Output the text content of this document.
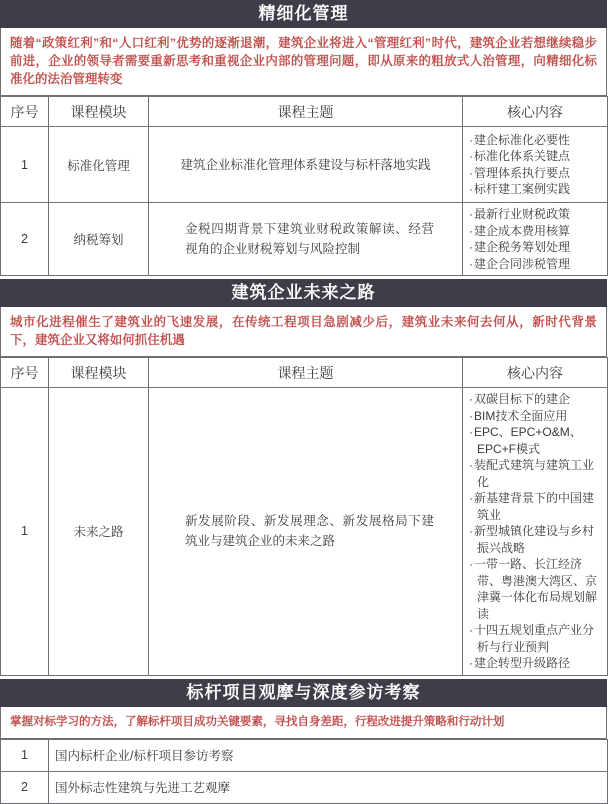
精细化管理
随着“政策红利”和“人口红利”优势的逐渐退潮，建筑企业将进入“管理红利”时代，建筑企业若想继续稳步前进，企业的领导者需要重新思考和重视企业内部的管理问题，即从原来的粗放式人治管理，向精细化标准化的法治管理转变
序号	课程模块	课程主题	核心内容
1	标准化管理	建筑企业标准化管理体系建设与标杆落地实践	
· 建企标准化必要性
· 标准化体系关键点
· 管理体系执行要点
· 标杆建工案例实践

2	纳税筹划	金税四期背景下建筑业财税政策解读、经营视角的企业财税筹划与风险控制	
· 最新行业财税政策
· 建企成本费用核算
· 建企税务筹划处理
· 建企合同涉税管理
建筑企业未来之路
城市化进程催生了建筑业的飞速发展，在传统工程项目急剧减少后，建筑业未来何去何从，新时代背景下，建筑企业又将如何抓住机遇
序号	课程模块	课程主题	核心内容
1	未来之路	新发展阶段、新发展理念、新发展格局下建筑业与建筑企业的未来之路	
· 双碳目标下的建企
· BIM技术全面应用
· EPC、EPC+O&M、EPC+F模式
· 装配式建筑与建筑工业化
· 新基建背景下的中国建筑业
· 新型城镇化建设与乡村振兴战略
· 一带一路、长江经济带、粤港澳大湾区、京津冀一体化布局规划解读
· 十四五规划重点产业分析与行业预判
· 建企转型升级路径
标杆项目观摩与深度参访考察
掌握对标学习的方法，了解标杆项目成功关键要素，寻找自身差距，行程改进提升策略和行动计划
1	国内标杆企业/标杆项目参访考察
2	国外标志性建筑与先进工艺观摩
